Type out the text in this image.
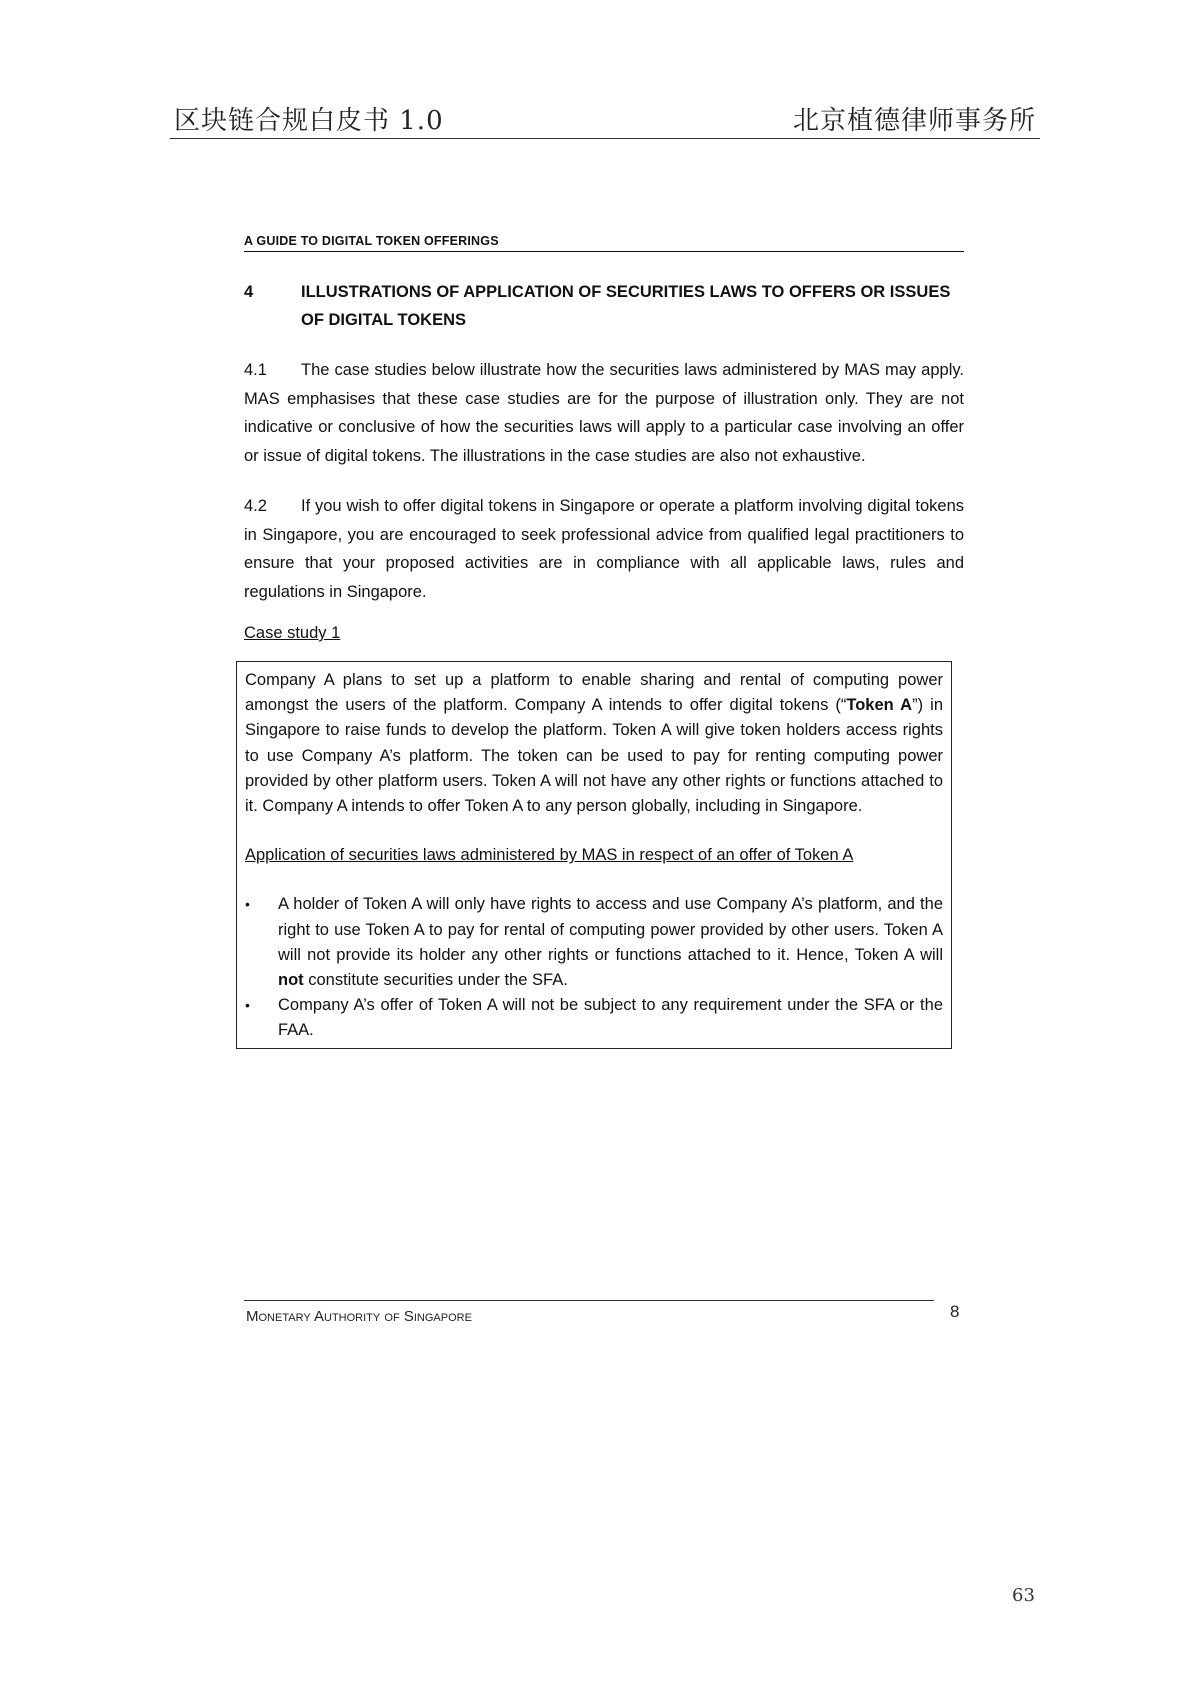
区块链合规白皮书 1.0	北京植德律师事务所
A GUIDE TO DIGITAL TOKEN OFFERINGS
4	ILLUSTRATIONS OF APPLICATION OF SECURITIES LAWS TO OFFERS OR ISSUES OF DIGITAL TOKENS
4.1 The case studies below illustrate how the securities laws administered by MAS may apply. MAS emphasises that these case studies are for the purpose of illustration only. They are not indicative or conclusive of how the securities laws will apply to a particular case involving an offer or issue of digital tokens. The illustrations in the case studies are also not exhaustive.
4.2 If you wish to offer digital tokens in Singapore or operate a platform involving digital tokens in Singapore, you are encouraged to seek professional advice from qualified legal practitioners to ensure that your proposed activities are in compliance with all applicable laws, rules and regulations in Singapore.
Case study 1
Company A plans to set up a platform to enable sharing and rental of computing power amongst the users of the platform. Company A intends to offer digital tokens (“Token A”) in Singapore to raise funds to develop the platform. Token A will give token holders access rights to use Company A’s platform. The token can be used to pay for renting computing power provided by other platform users. Token A will not have any other rights or functions attached to it. Company A intends to offer Token A to any person globally, including in Singapore.
Application of securities laws administered by MAS in respect of an offer of Token A
•	A holder of Token A will only have rights to access and use Company A’s platform, and the right to use Token A to pay for rental of computing power provided by other users. Token A will not provide its holder any other rights or functions attached to it. Hence, Token A will not constitute securities under the SFA.
•	Company A’s offer of Token A will not be subject to any requirement under the SFA or the FAA.
Monetary Authority of Singapore	8
63
